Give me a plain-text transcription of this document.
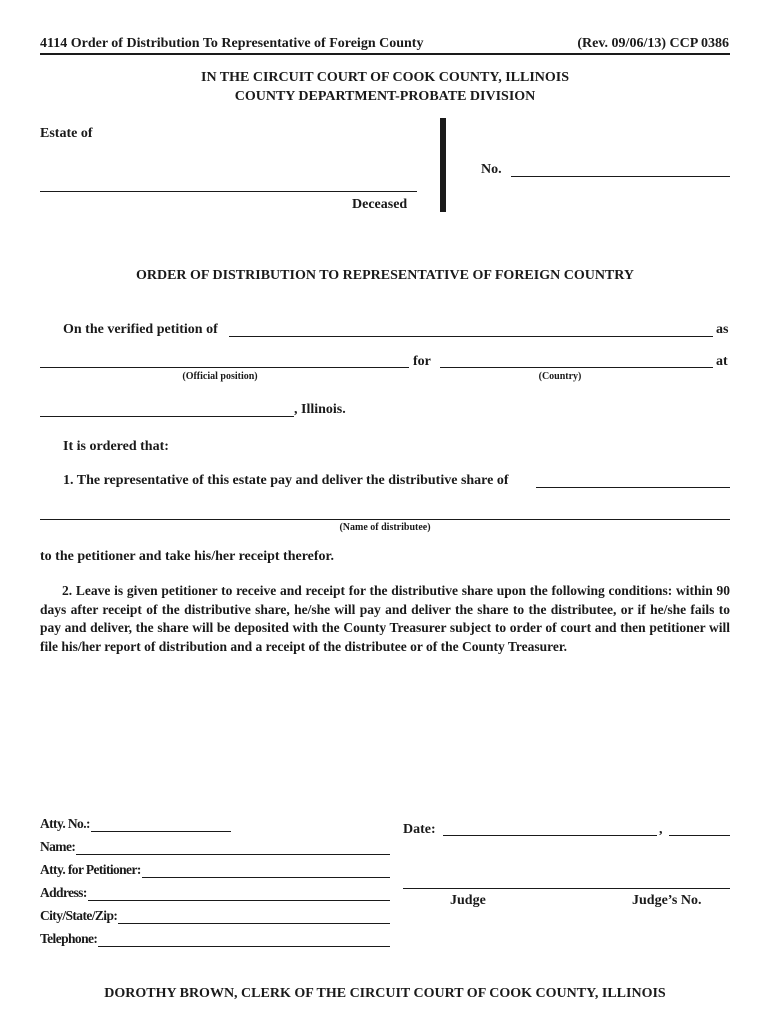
4114 Order of Distribution To Representative of Foreign County	(Rev. 09/06/13) CCP 0386
IN THE CIRCUIT COURT OF COOK COUNTY, ILLINOIS
COUNTY DEPARTMENT-PROBATE DIVISION
Estate of
Deceased
No.
ORDER OF DISTRIBUTION TO REPRESENTATIVE OF FOREIGN COUNTRY
On the verified petition of	as
for	at
(Official position)	(Country)
, Illinois.
It is ordered that:
1. The representative of this estate pay and deliver the distributive share of
(Name of distributee)
to the petitioner and take his/her receipt therefor.
2. Leave is given petitioner to receive and receipt for the distributive share upon the following conditions: within 90 days after receipt of the distributive share, he/she will pay and deliver the share to the distributee, or if he/she fails to pay and deliver, the share will be deposited with the County Treasurer subject to order of court and then petitioner will file his/her report of distribution and a receipt of the distributee or of the County Treasurer.
Atty. No.:
Name:
Atty. for Petitioner:
Address:
City/State/Zip:
Telephone:
Date:	,
Judge	Judge’s No.
DOROTHY BROWN, CLERK OF THE CIRCUIT COURT OF COOK COUNTY, ILLINOIS
